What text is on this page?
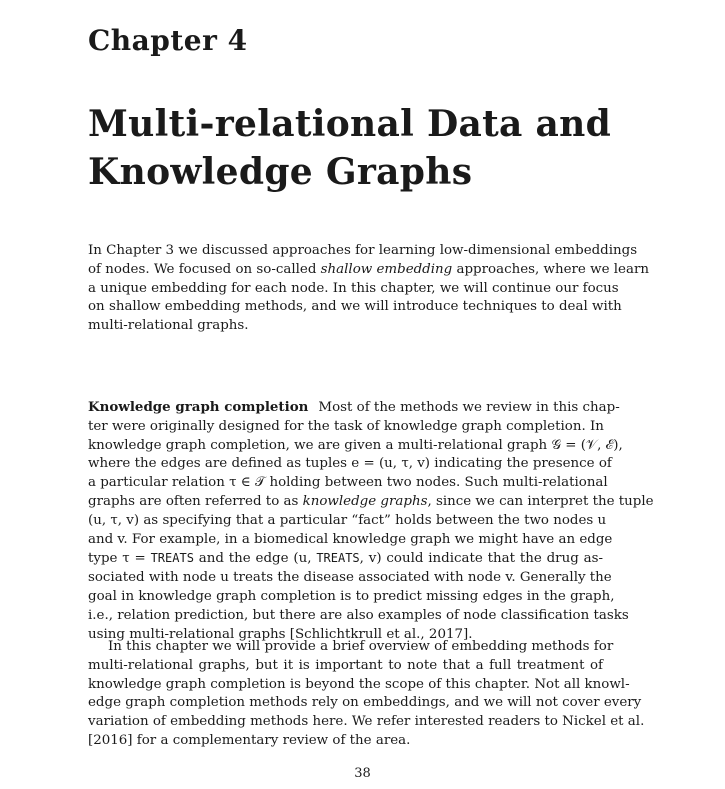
Chapter 4
Multi-relational Data and
Knowledge Graphs

In Chapter 3 we discussed approaches for learning low-dimensional embeddings
of nodes. We focused on so-called shallow embedding approaches, where we learn
a unique embedding for each node. In this chapter, we will continue our focus
on shallow embedding methods, and we will introduce techniques to deal with
multi-relational graphs.

Knowledge graph completion Most of the methods we review in this chap-
ter were originally designed for the task of knowledge graph completion. In
knowledge graph completion, we are given a multi-relational graph 𝒢 = (𝒱, ℰ),
where the edges are defined as tuples e = (u, τ, v) indicating the presence of
a particular relation τ ∈ 𝒯 holding between two nodes. Such multi-relational
graphs are often referred to as knowledge graphs, since we can interpret the tuple
(u, τ, v) as specifying that a particular “fact” holds between the two nodes u
and v. For example, in a biomedical knowledge graph we might have an edge
type τ = TREATS and the edge (u, TREATS, v) could indicate that the drug as-
sociated with node u treats the disease associated with node v. Generally the
goal in knowledge graph completion is to predict missing edges in the graph,
i.e., relation prediction, but there are also examples of node classification tasks
using multi-relational graphs [Schlichtkrull et al., 2017].

In this chapter we will provide a brief overview of embedding methods for
multi-relational graphs, but it is important to note that a full treatment of
knowledge graph completion is beyond the scope of this chapter. Not all knowl-
edge graph completion methods rely on embeddings, and we will not cover every
variation of embedding methods here. We refer interested readers to Nickel et al.
[2016] for a complementary review of the area.

38
